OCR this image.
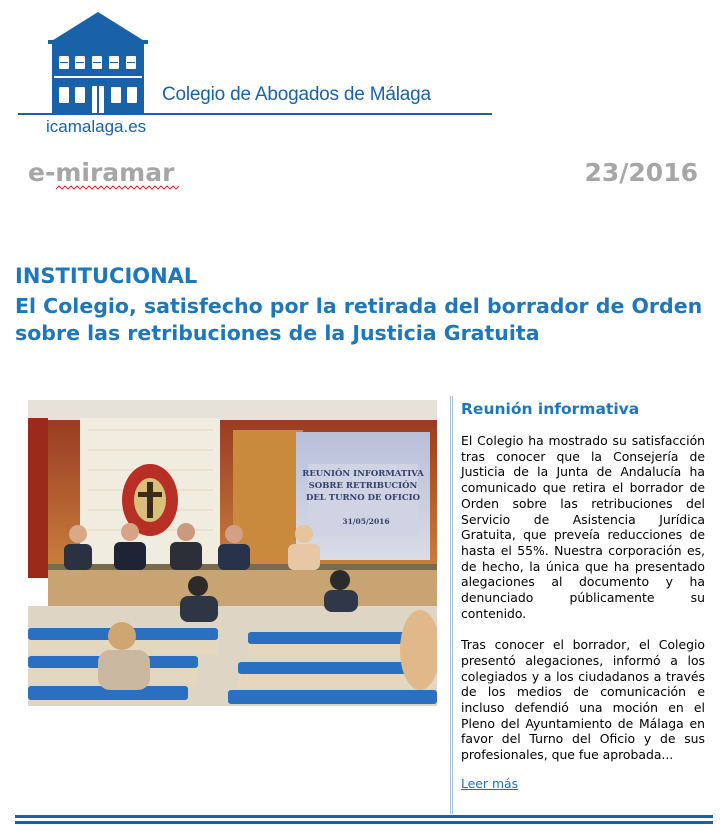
Colegio de Abogados de Málaga
icamalaga.es
e-miramar	23/2016
INSTITUCIONAL
El Colegio, satisfecho por la retirada del borrador de Orden sobre las retribuciones de la Justicia Gratuita
REUNIÓN INFORMATIVA
SOBRE RETRIBUCIÓN
DEL TURNO DE OFICIO
31/05/2016
Reunión informativa

El Colegio ha mostrado su satisfacción tras conocer que la Consejería de Justicia de la Junta de Andalucía ha comunicado que retira el borrador de Orden sobre las retribuciones del Servicio de Asistencia Jurídica Gratuita, que preveía reducciones de hasta el 55%. Nuestra corporación es, de hecho, la única que ha presentado alegaciones al documento y ha denunciado públicamente su contenido.

Tras conocer el borrador, el Colegio presentó alegaciones, informó a los colegiados y a los ciudadanos a través de los medios de comunicación e incluso defendió una moción en el Pleno del Ayuntamiento de Málaga en favor del Turno del Oficio y de sus profesionales, que fue aprobada...

Leer más
